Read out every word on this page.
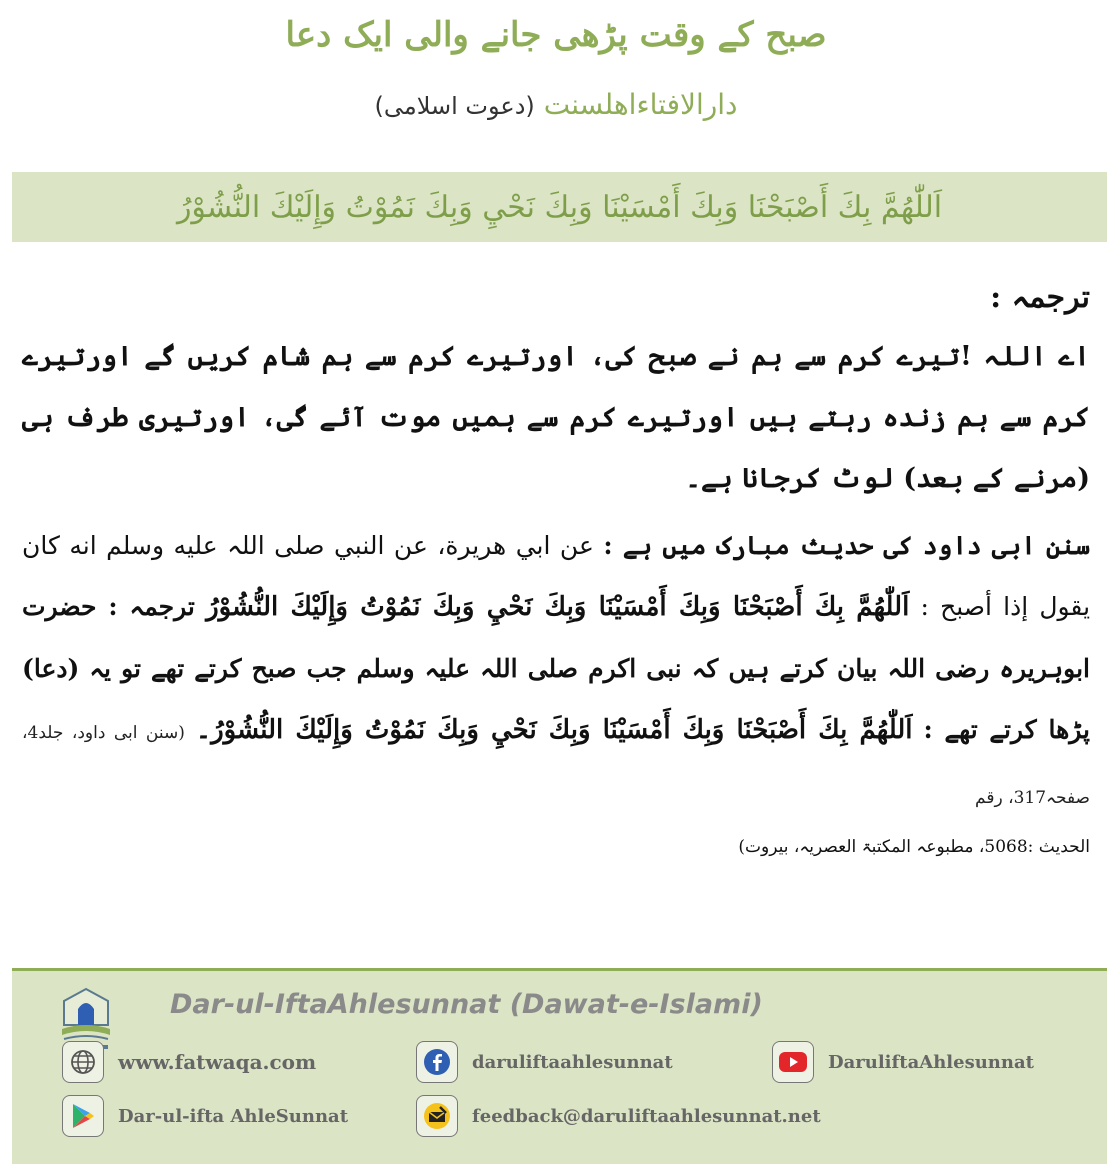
صبح کے وقت پڑھی جانے والی ایک دعا
دارالافتاءاھلسنت (دعوت اسلامی)
اَللّٰھُمَّ بِكَ أَصْبَحْنَا وَبِكَ أَمْسَيْنَا وَبِكَ نَحْيِ وَبِكَ نَمُوْتُ وَإِلَيْكَ النُّشُوْرُ
ترجمہ :
اے اللہ !تیرے کرم سے ہم نے صبح کی، اورتیرے کرم سے ہم شام کریں گے اورتیرے کرم سے ہم زندہ رہتے ہیں اورتیرے کرم سے ہمیں موت آئے گی، اورتیری طرف ہی (مرنے کے بعد) لوٹ کرجانا ہے۔
سنن ابی داود کی حدیث مبارک میں ہے : عن ابي هريرة، عن النبي صلى اللہ عليه وسلم انه كان يقول إذا أصبح : اَللّٰھُمَّ بِكَ أَصْبَحْنَا وَبِكَ أَمْسَيْنَا وَبِكَ نَحْيِ وَبِكَ نَمُوْتُ وَإِلَيْكَ النُّشُوْرُ ترجمہ : حضرت ابوہریرہ رضی اللہ بیان کرتے ہیں کہ نبی اکرم صلی اللہ علیہ وسلم جب صبح کرتے تھے تو یہ (دعا) پڑھا کرتے تھے : اَللّٰھُمَّ بِكَ أَصْبَحْنَا وَبِكَ أَمْسَيْنَا وَبِكَ نَحْيِ وَبِكَ نَمُوْتُ وَإِلَيْكَ النُّشُوْرُ۔ (سنن ابی داود، جلد4، صفحہ317، رقم
الحدیث :5068، مطبوعہ المکتبۃ العصریہ، بیروت)
Dar-ul-IftaAhlesunnat (Dawat-e-Islami)
www.fatwaqa.com	daruliftaahlesunnat	DaruliftaAhlesunnat
Dar-ul-ifta AhleSunnat	feedback@daruliftaahlesunnat.net
